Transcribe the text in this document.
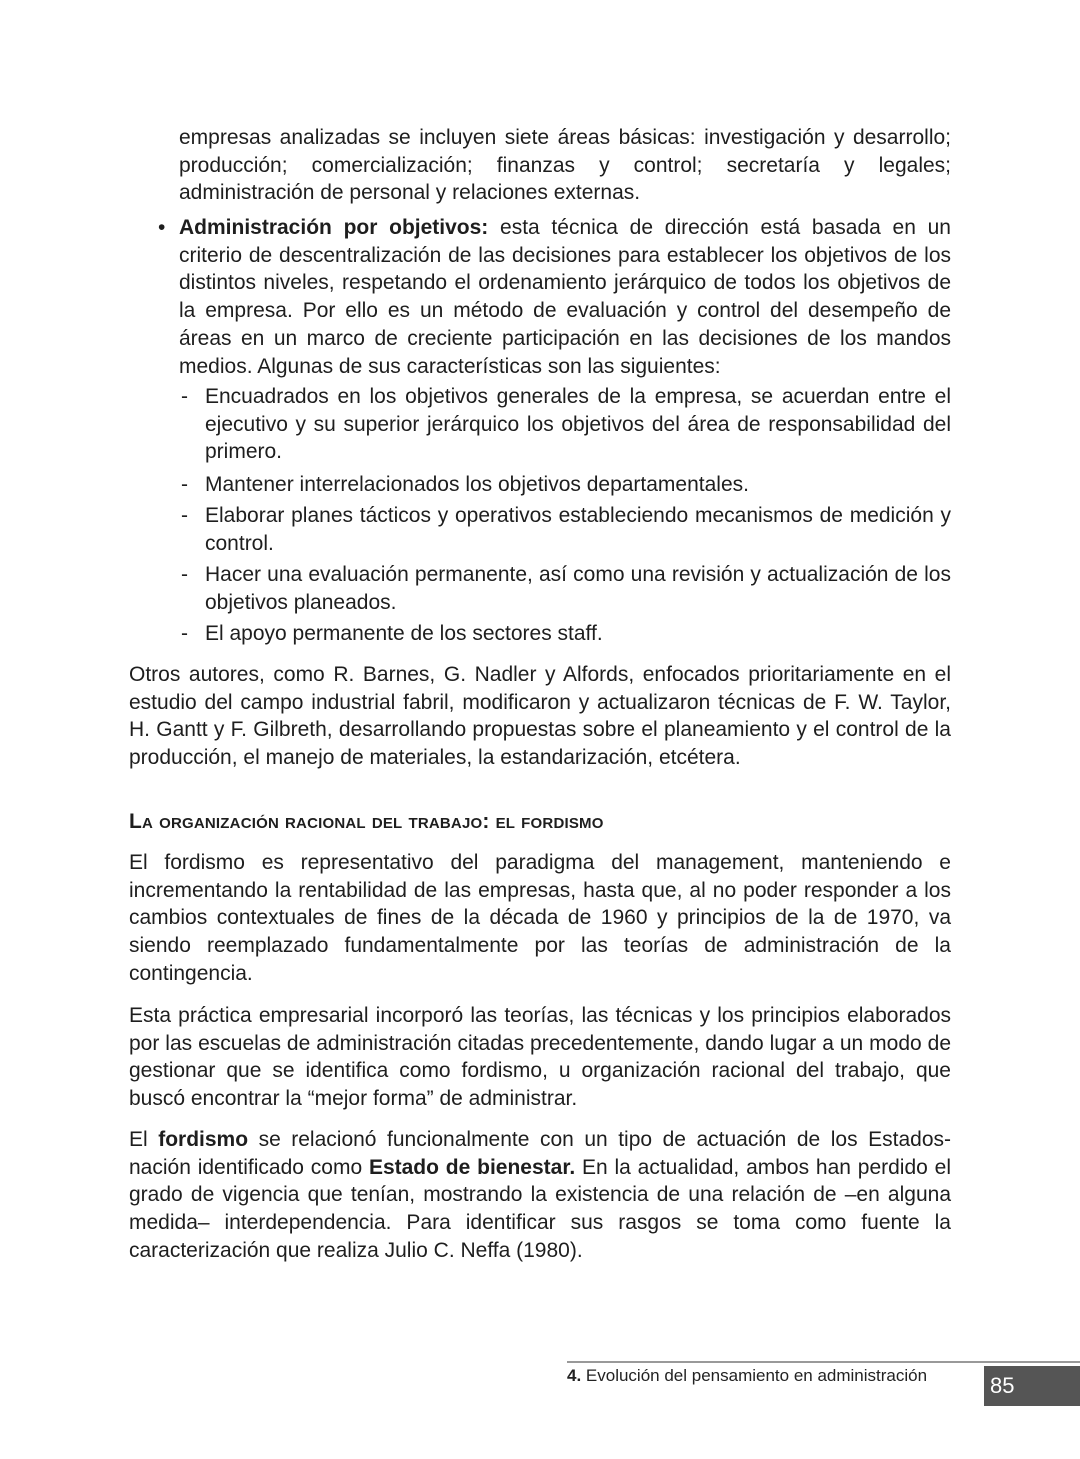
empresas analizadas se incluyen siete áreas básicas: investigación y desarrollo; producción; comercialización; finanzas y control; secretaría y legales; administración de personal y relaciones externas.
• Administración por objetivos: esta técnica de dirección está basada en un criterio de descentralización de las decisiones para establecer los objetivos de los distintos niveles, respetando el ordenamiento jerárquico de todos los objetivos de la empresa. Por ello es un método de evaluación y control del desempeño de áreas en un marco de creciente participación en las decisiones de los mandos medios. Algunas de sus características son las siguientes:
- Encuadrados en los objetivos generales de la empresa, se acuerdan entre el ejecutivo y su superior jerárquico los objetivos del área de responsabilidad del primero.
- Mantener interrelacionados los objetivos departamentales.
- Elaborar planes tácticos y operativos estableciendo mecanismos de medición y control.
- Hacer una evaluación permanente, así como una revisión y actualización de los objetivos planeados.
- El apoyo permanente de los sectores staff.
Otros autores, como R. Barnes, G. Nadler y Alfords, enfocados prioritariamente en el estudio del campo industrial fabril, modificaron y actualizaron técnicas de F. W. Taylor, H. Gantt y F. Gilbreth, desarrollando propuestas sobre el planeamiento y el control de la producción, el manejo de materiales, la estandarización, etcétera.
La organización racional del trabajo: el fordismo
El fordismo es representativo del paradigma del management, manteniendo e incrementando la rentabilidad de las empresas, hasta que, al no poder responder a los cambios contextuales de fines de la década de 1960 y principios de la de 1970, va siendo reemplazado fundamentalmente por las teorías de administración de la contingencia.
Esta práctica empresarial incorporó las teorías, las técnicas y los principios elaborados por las escuelas de administración citadas precedentemente, dando lugar a un modo de gestionar que se identifica como fordismo, u organización racional del trabajo, que buscó encontrar la “mejor forma” de administrar.
El fordismo se relacionó funcionalmente con un tipo de actuación de los Estados-nación identificado como Estado de bienestar. En la actualidad, ambos han perdido el grado de vigencia que tenían, mostrando la existencia de una relación de –en alguna medida– interdependencia. Para identificar sus rasgos se toma como fuente la caracterización que realiza Julio C. Neffa (1980).
4. Evolución del pensamiento en administración	85
